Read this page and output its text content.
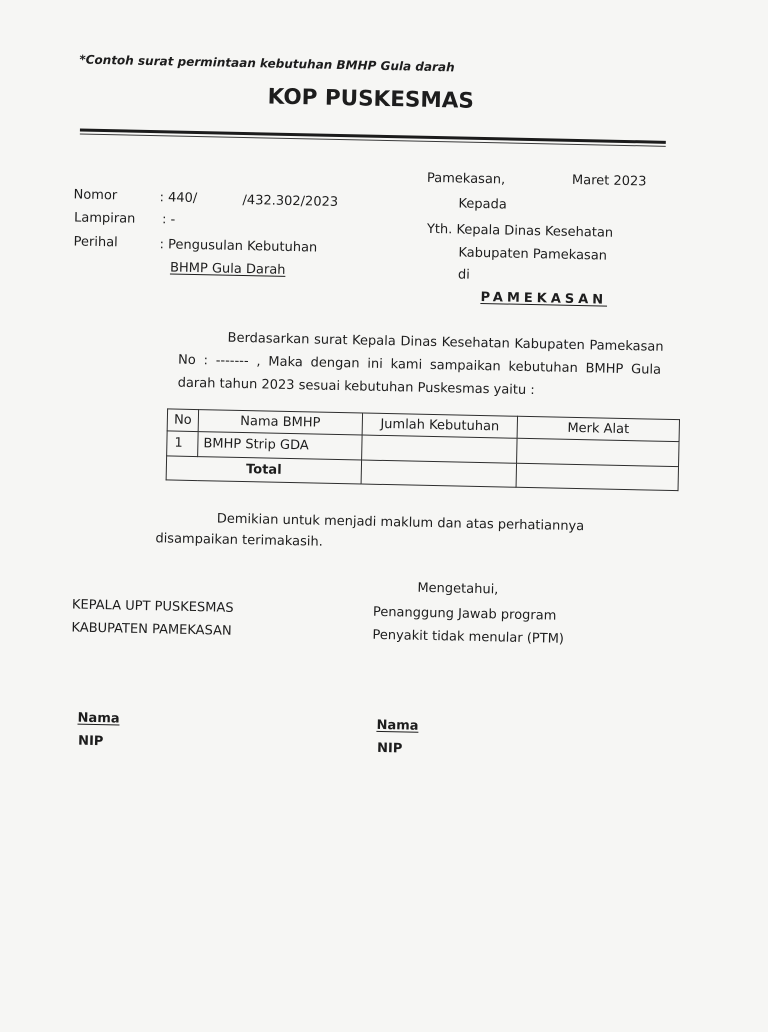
*Contoh surat permintaan kebutuhan BMHP Gula darah
KOP PUSKESMAS
Pamekasan,	Maret 2023
Nomor	: 440/	/432.302/2023	Kepada
Lampiran : -
Yth. Kepala Dinas Kesehatan
Perihal	: Pengusulan Kebutuhan	Kabupaten Pamekasan
BHMP Gula Darah	di
PAMEKASAN
Berdasarkan surat Kepala Dinas Kesehatan Kabupaten Pamekasan
No : ------- , Maka dengan ini kami sampaikan kebutuhan BMHP Gula
darah tahun 2023 sesuai kebutuhan Puskesmas yaitu :
No	Nama BMHP	Jumlah Kebutuhan	Merk Alat
1	BMHP Strip GDA		
Total			
Demikian untuk menjadi maklum dan atas perhatiannya
disampaikan terimakasih.
Mengetahui,
KEPALA UPT PUSKESMAS	Penanggung Jawab program
KABUPATEN PAMEKASAN	Penyakit tidak menular (PTM)
Nama
NIP
Nama
NIP
